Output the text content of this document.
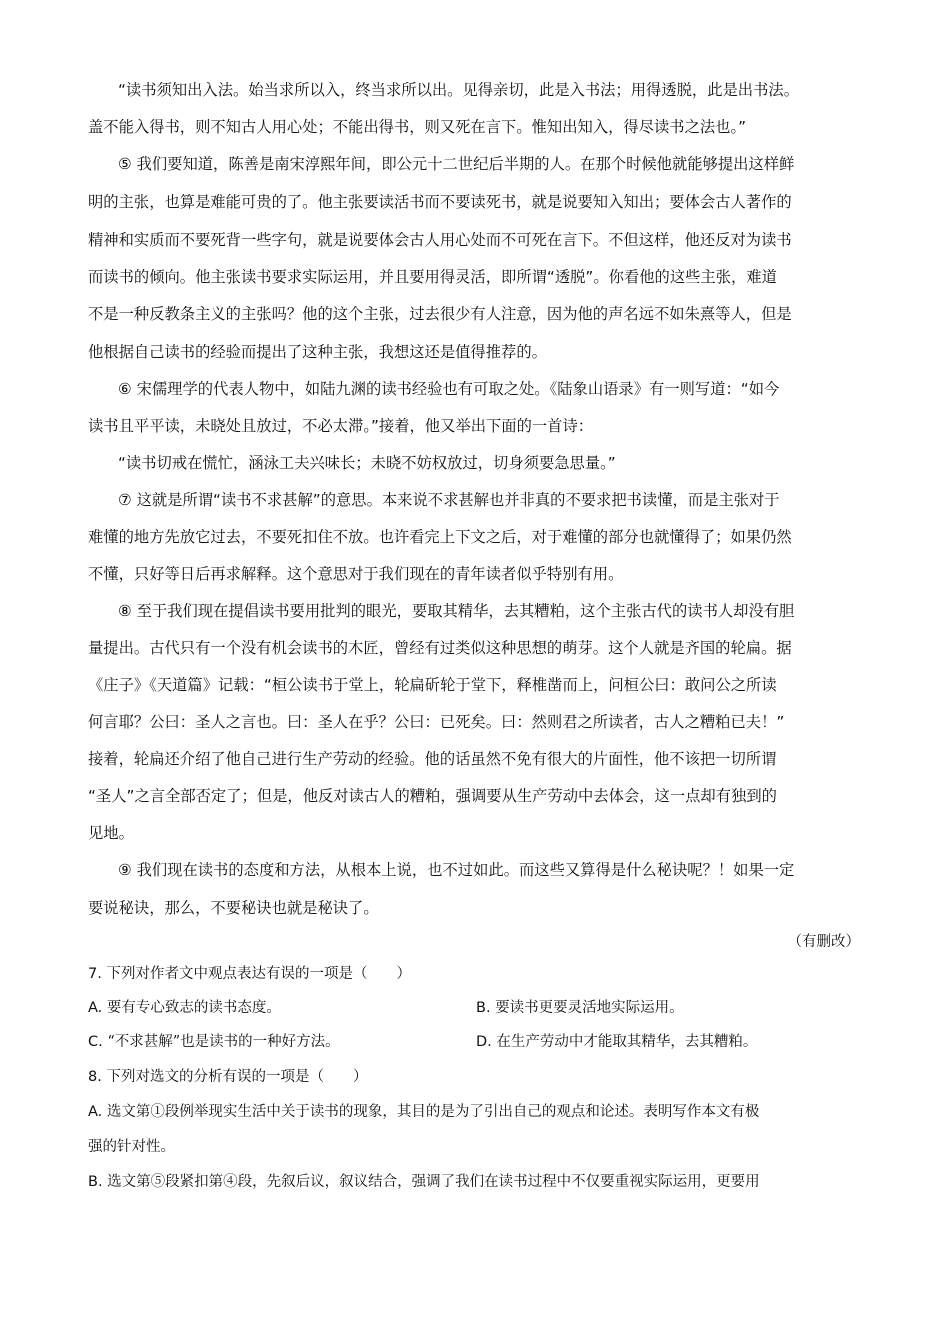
“读书须知出入法。始当求所以入，终当求所以出。见得亲切，此是入书法；用得透脱，此是出书法。
盖不能入得书，则不知古人用心处；不能出得书，则又死在言下。惟知出知入，得尽读书之法也。”
⑤ 我们要知道，陈善是南宋淳熙年间，即公元十二世纪后半期的人。在那个时候他就能够提出这样鲜
明的主张，也算是难能可贵的了。他主张要读活书而不要读死书，就是说要知入知出；要体会古人著作的
精神和实质而不要死背一些字句，就是说要体会古人用心处而不可死在言下。不但这样，他还反对为读书
而读书的倾向。他主张读书要求实际运用，并且要用得灵活，即所谓“透脱”。你看他的这些主张，难道
不是一种反教条主义的主张吗？他的这个主张，过去很少有人注意，因为他的声名远不如朱熹等人，但是
他根据自己读书的经验而提出了这种主张，我想这还是值得推荐的。
⑥ 宋儒理学的代表人物中，如陆九渊的读书经验也有可取之处。《陆象山语录》有一则写道：“如今
读书且平平读，未晓处且放过，不必太滞。”接着，他又举出下面的一首诗：
“读书切戒在慌忙，涵泳工夫兴味长；未晓不妨权放过，切身须要急思量。”
⑦ 这就是所谓“读书不求甚解”的意思。本来说不求甚解也并非真的不要求把书读懂，而是主张对于
难懂的地方先放它过去，不要死扣住不放。也许看完上下文之后，对于难懂的部分也就懂得了；如果仍然
不懂，只好等日后再求解释。这个意思对于我们现在的青年读者似乎特别有用。
⑧ 至于我们现在提倡读书要用批判的眼光，要取其精华，去其糟粕，这个主张古代的读书人却没有胆
量提出。古代只有一个没有机会读书的木匠，曾经有过类似这种思想的萌芽。这个人就是齐国的轮扁。据
《庄子》《天道篇》记载：“桓公读书于堂上，轮扁斫轮于堂下，释椎凿而上，问桓公曰：敢问公之所读
何言耶？公曰：圣人之言也。曰：圣人在乎？公曰：已死矣。曰：然则君之所读者，古人之糟粕已夫！”
接着，轮扁还介绍了他自己进行生产劳动的经验。他的话虽然不免有很大的片面性，他不该把一切所谓
“圣人”之言全部否定了；但是，他反对读古人的糟粕，强调要从生产劳动中去体会，这一点却有独到的
见地。
⑨ 我们现在读书的态度和方法，从根本上说，也不过如此。而这些又算得是什么秘诀呢？！如果一定
要说秘诀，那么，不要秘诀也就是秘诀了。
（有删改）
7. 下列对作者文中观点表达有误的一项是（　　）
A. 要有专心致志的读书态度。	B. 要读书更要灵活地实际运用。
C. “不求甚解”也是读书的一种好方法。	D. 在生产劳动中才能取其精华，去其糟粕。
8. 下列对选文的分析有误的一项是（　　）
A. 选文第①段例举现实生活中关于读书的现象，其目的是为了引出自己的观点和论述。表明写作本文有极
强的针对性。
B. 选文第⑤段紧扣第④段，先叙后议，叙议结合，强调了我们在读书过程中不仅要重视实际运用，更要用
